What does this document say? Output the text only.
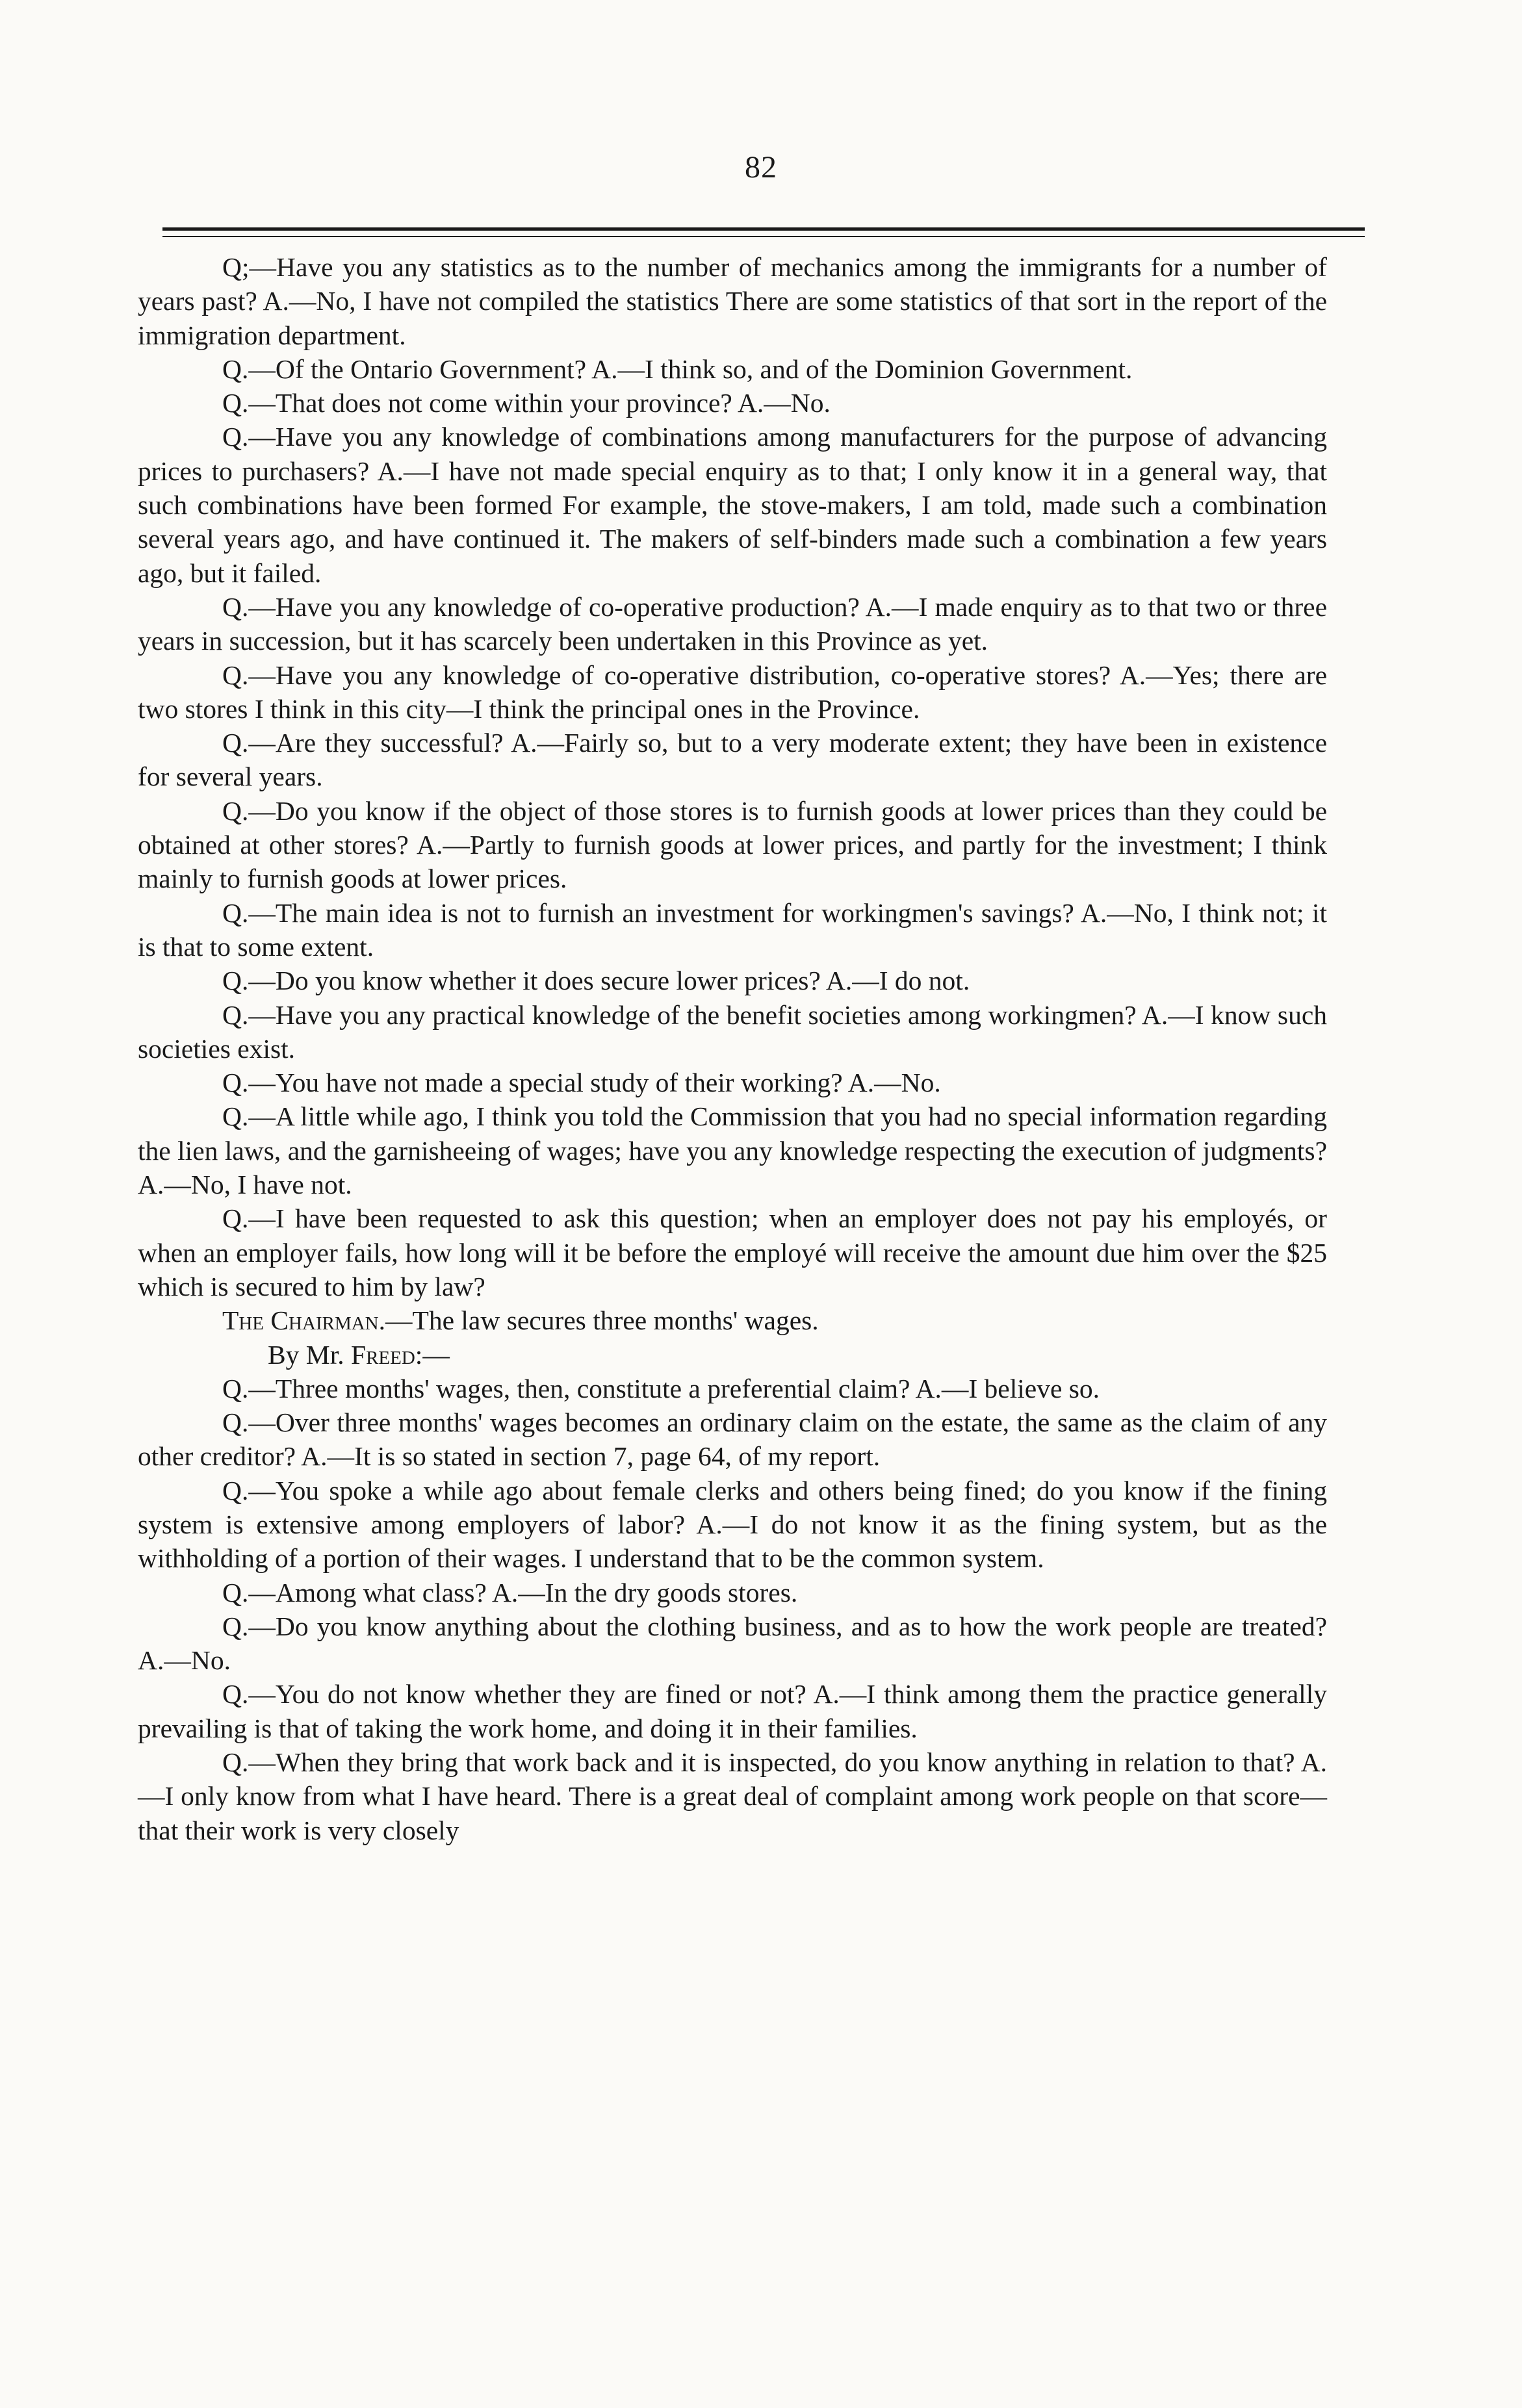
82

Q;—Have you any statistics as to the number of mechanics among the immigrants for a number of years past? A.—No, I have not compiled the statistics There are some statistics of that sort in the report of the immigration department.

Q.—Of the Ontario Government? A.—I think so, and of the Dominion Government.

Q.—That does not come within your province? A.—No.

Q.—Have you any knowledge of combinations among manufacturers for the purpose of advancing prices to purchasers? A.—I have not made special enquiry as to that; I only know it in a general way, that such combinations have been formed For example, the stove-makers, I am told, made such a combination several years ago, and have continued it. The makers of self-binders made such a combination a few years ago, but it failed.

Q.—Have you any knowledge of co-operative production? A.—I made enquiry as to that two or three years in succession, but it has scarcely been undertaken in this Province as yet.

Q.—Have you any knowledge of co-operative distribution, co-operative stores? A.—Yes; there are two stores I think in this city—I think the principal ones in the Province.

Q.—Are they successful? A.—Fairly so, but to a very moderate extent; they have been in existence for several years.

Q.—Do you know if the object of those stores is to furnish goods at lower prices than they could be obtained at other stores? A.—Partly to furnish goods at lower prices, and partly for the investment; I think mainly to furnish goods at lower prices.

Q.—The main idea is not to furnish an investment for workingmen's savings? A.—No, I think not; it is that to some extent.

Q.—Do you know whether it does secure lower prices? A.—I do not.

Q.—Have you any practical knowledge of the benefit societies among workingmen? A.—I know such societies exist.

Q.—You have not made a special study of their working? A.—No.

Q.—A little while ago, I think you told the Commission that you had no special information regarding the lien laws, and the garnisheeing of wages; have you any knowledge respecting the execution of judgments? A.—No, I have not.

Q.—I have been requested to ask this question; when an employer does not pay his employés, or when an employer fails, how long will it be before the employé will receive the amount due him over the $25 which is secured to him by law?

The Chairman.—The law secures three months' wages.

By Mr. Freed:—

Q.—Three months' wages, then, constitute a preferential claim? A.—I believe so.

Q.—Over three months' wages becomes an ordinary claim on the estate, the same as the claim of any other creditor? A.—It is so stated in section 7, page 64, of my report.

Q.—You spoke a while ago about female clerks and others being fined; do you know if the fining system is extensive among employers of labor? A.—I do not know it as the fining system, but as the withholding of a portion of their wages. I understand that to be the common system.

Q.—Among what class? A.—In the dry goods stores.

Q.—Do you know anything about the clothing business, and as to how the work people are treated? A.—No.

Q.—You do not know whether they are fined or not? A.—I think among them the practice generally prevailing is that of taking the work home, and doing it in their families.

Q.—When they bring that work back and it is inspected, do you know anything in relation to that? A.—I only know from what I have heard. There is a great deal of complaint among work people on that score—that their work is very closely
